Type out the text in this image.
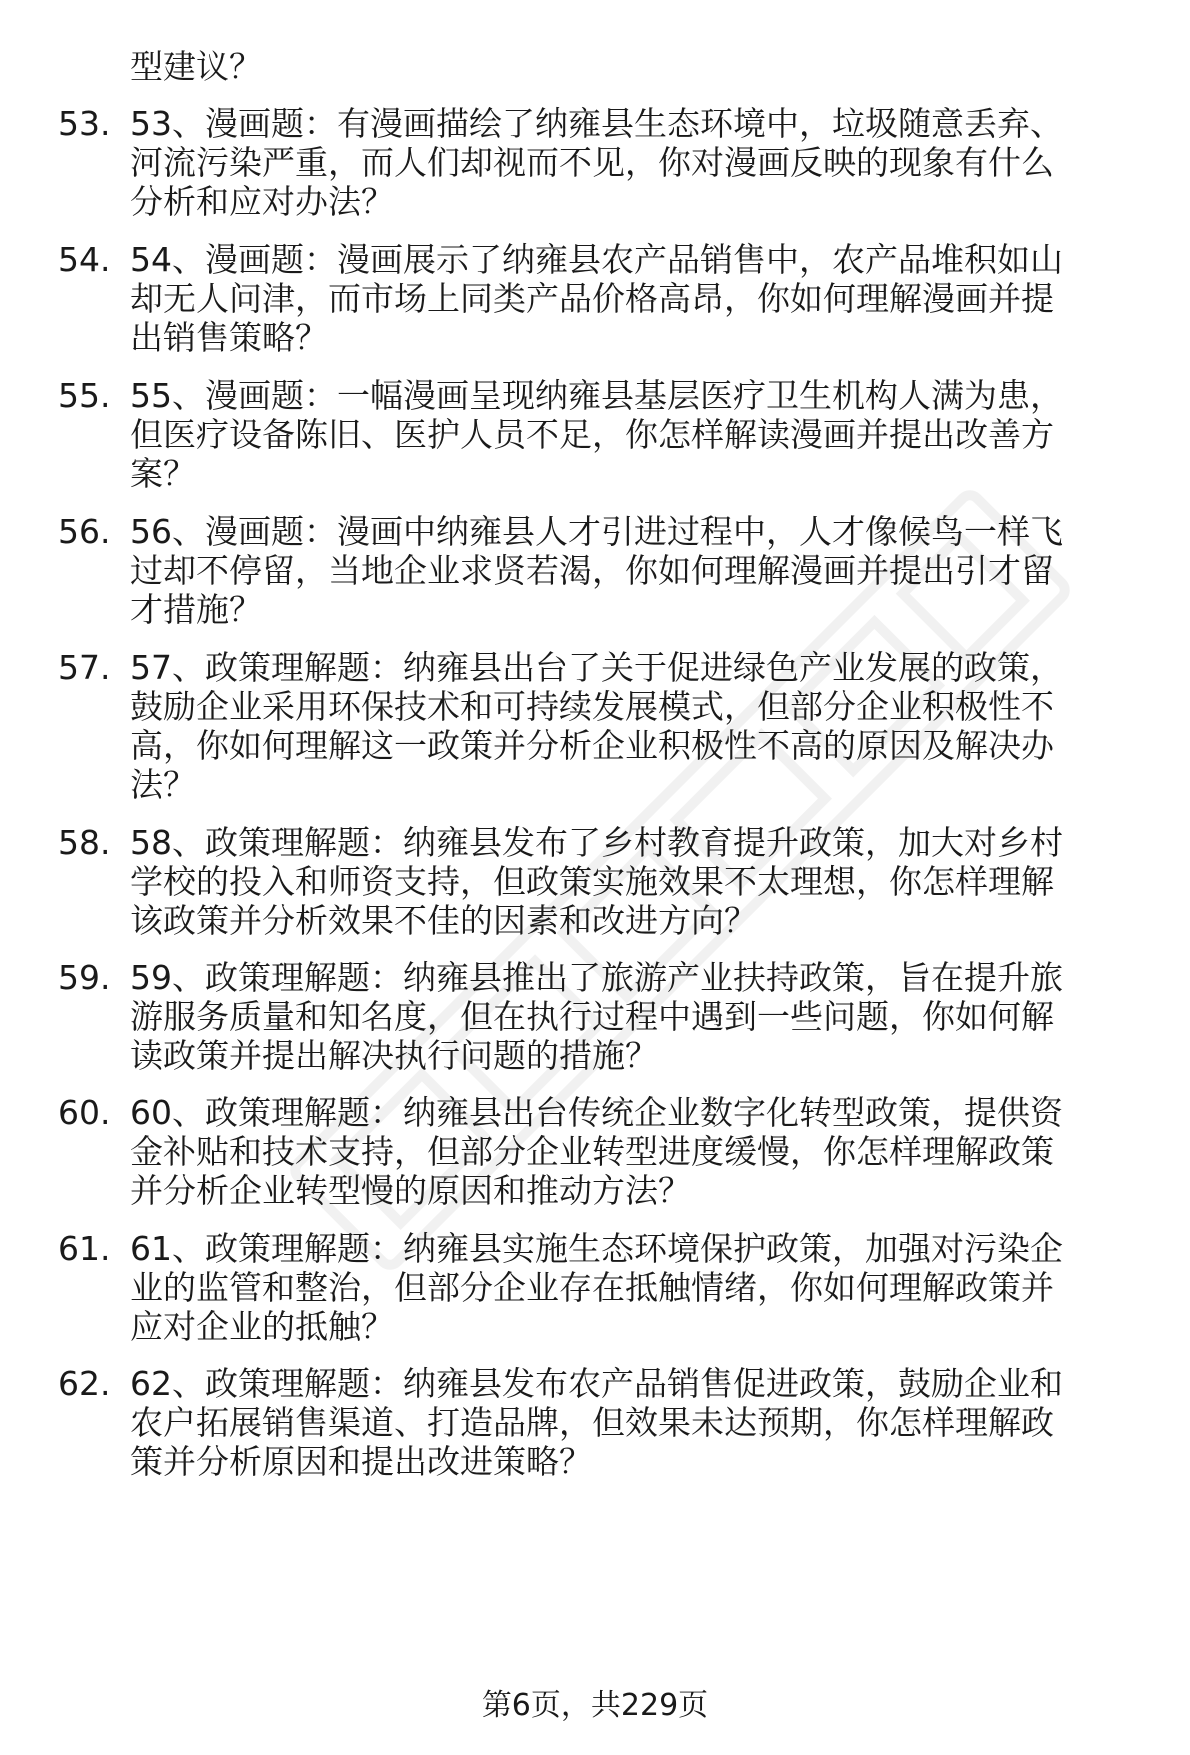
型建议？
53. 53、漫画题：有漫画描绘了纳雍县生态环境中，垃圾随意丢弃、
河流污染严重，而人们却视而不见，你对漫画反映的现象有什么
分析和应对办法？
54. 54、漫画题：漫画展示了纳雍县农产品销售中，农产品堆积如山
却无人问津，而市场上同类产品价格高昂，你如何理解漫画并提
出销售策略？
55. 55、漫画题：一幅漫画呈现纳雍县基层医疗卫生机构人满为患，
但医疗设备陈旧、医护人员不足，你怎样解读漫画并提出改善方
案？
56. 56、漫画题：漫画中纳雍县人才引进过程中，人才像候鸟一样飞
过却不停留，当地企业求贤若渴，你如何理解漫画并提出引才留
才措施？
57. 57、政策理解题：纳雍县出台了关于促进绿色产业发展的政策，
鼓励企业采用环保技术和可持续发展模式，但部分企业积极性不
高，你如何理解这一政策并分析企业积极性不高的原因及解决办
法？
58. 58、政策理解题：纳雍县发布了乡村教育提升政策，加大对乡村
学校的投入和师资支持，但政策实施效果不太理想，你怎样理解
该政策并分析效果不佳的因素和改进方向？
59. 59、政策理解题：纳雍县推出了旅游产业扶持政策，旨在提升旅
游服务质量和知名度，但在执行过程中遇到一些问题，你如何解
读政策并提出解决执行问题的措施？
60. 60、政策理解题：纳雍县出台传统企业数字化转型政策，提供资
金补贴和技术支持，但部分企业转型进度缓慢，你怎样理解政策
并分析企业转型慢的原因和推动方法？
61. 61、政策理解题：纳雍县实施生态环境保护政策，加强对污染企
业的监管和整治，但部分企业存在抵触情绪，你如何理解政策并
应对企业的抵触？
62. 62、政策理解题：纳雍县发布农产品销售促进政策，鼓励企业和
农户拓展销售渠道、打造品牌，但效果未达预期，你怎样理解政
策并分析原因和提出改进策略？
第6页，共229页
